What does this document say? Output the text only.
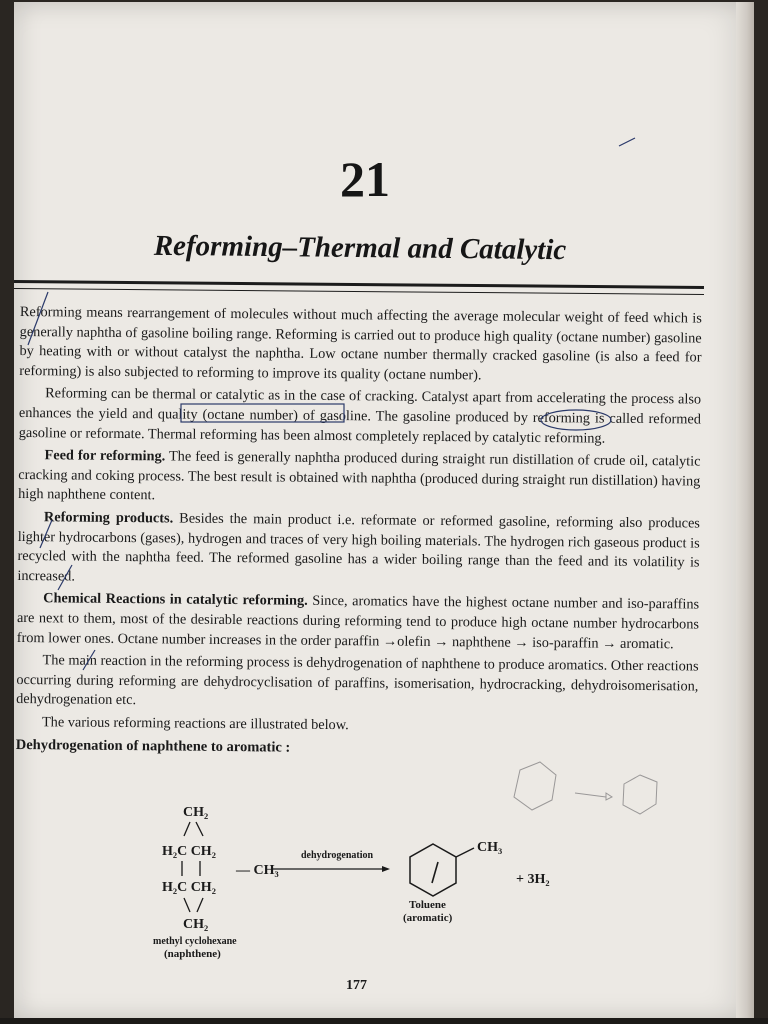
21
Reforming–Thermal and Catalytic

Reforming means rearrangement of molecules without much affecting the average molecular weight of feed which is generally naphtha of gasoline boiling range. Reforming is carried out to produce high quality (octane number) gasoline by heating with or without catalyst the naphtha. Low octane number thermally cracked gasoline (is also a feed for reforming) is also subjected to reforming to improve its quality (octane number).

Reforming can be thermal or catalytic as in the case of cracking. Catalyst apart from accelerating the process also enhances the yield and quality (octane number) of gasoline. The gasoline produced by reforming is called reformed gasoline or reformate. Thermal reforming has been almost completely replaced by catalytic reforming.

Feed for reforming. The feed is generally naphtha produced during straight run distillation of crude oil, catalytic cracking and coking process. The best result is obtained with naphtha (produced during straight run distillation) having high naphthene content.

Reforming products. Besides the main product i.e. reformate or reformed gasoline, reforming also produces lighter hydrocarbons (gases), hydrogen and traces of very high boiling materials. The hydrogen rich gaseous product is recycled with the naphtha feed. The reformed gasoline has a wider boiling range than the feed and its volatility is increased.

Chemical Reactions in catalytic reforming. Since, aromatics have the highest octane number and iso-paraffins are next to them, most of the desirable reactions during reforming tend to produce high octane number hydrocarbons from lower ones. Octane number increases in the order paraffin →olefin → naphthene → iso-paraffin → aromatic.

The main reaction in the reforming process is dehydrogenation of naphthene to produce aromatics. Other reactions occurring during reforming are dehydrocyclisation of paraffins, isomerisation, hydrocracking, dehydroisomerisation, dehydrogenation etc.

The various reforming reactions are illustrated below.

Dehydrogenation of naphthene to aromatic :
CH₂
H₂C CH₂
— CH₃
H₂C CH₂
CH₂
methyl cyclohexane
(naphthene)
dehydrogenation
CH₃
+ 3H₂
Toluene
(aromatic)
177
